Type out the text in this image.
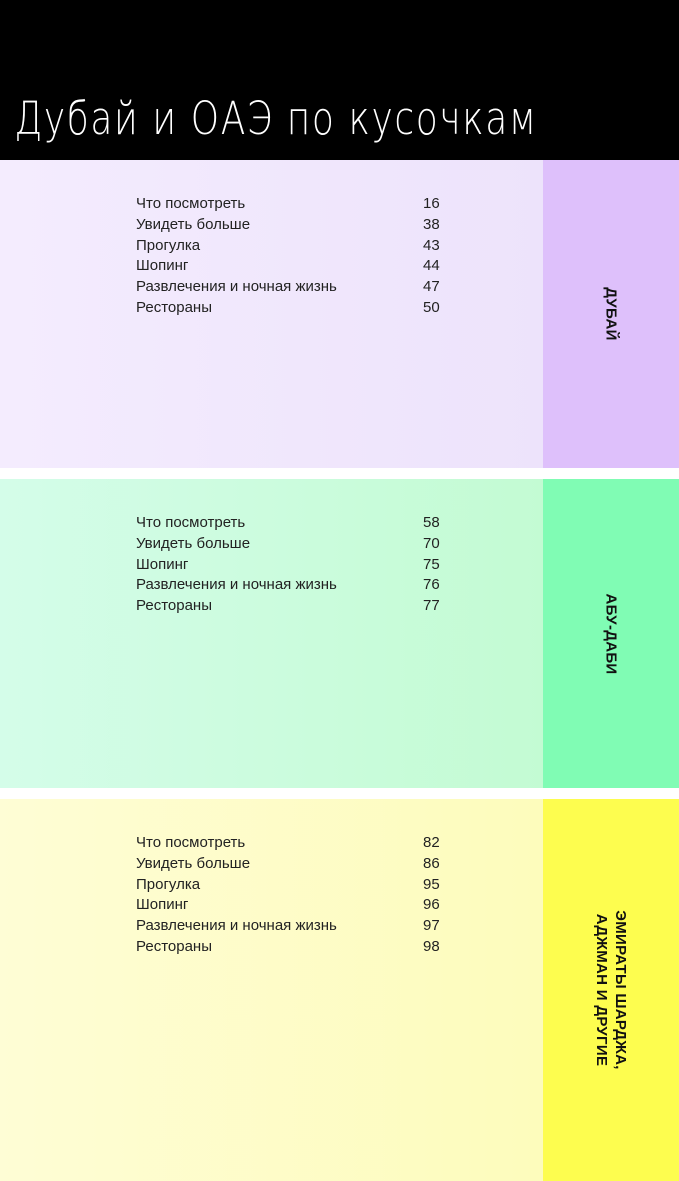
Дубай и ОАЭ по кусочкам
Что посмотреть	16
Увидеть больше	38
Прогулка	43
Шопинг	44
Развлечения и ночная жизнь	47
Рестораны	50	ДУБАЙ
Что посмотреть	58
Увидеть больше	70
Шопинг	75
Развлечения и ночная жизнь	76
Рестораны	77	АБУ-ДАБИ
Что посмотреть	82
Увидеть больше	86
Прогулка	95
Шопинг	96
Развлечения и ночная жизнь	97
Рестораны	98	ЭМИРАТЫ ШАРДЖА,
АДЖМАН И ДРУГИЕ
